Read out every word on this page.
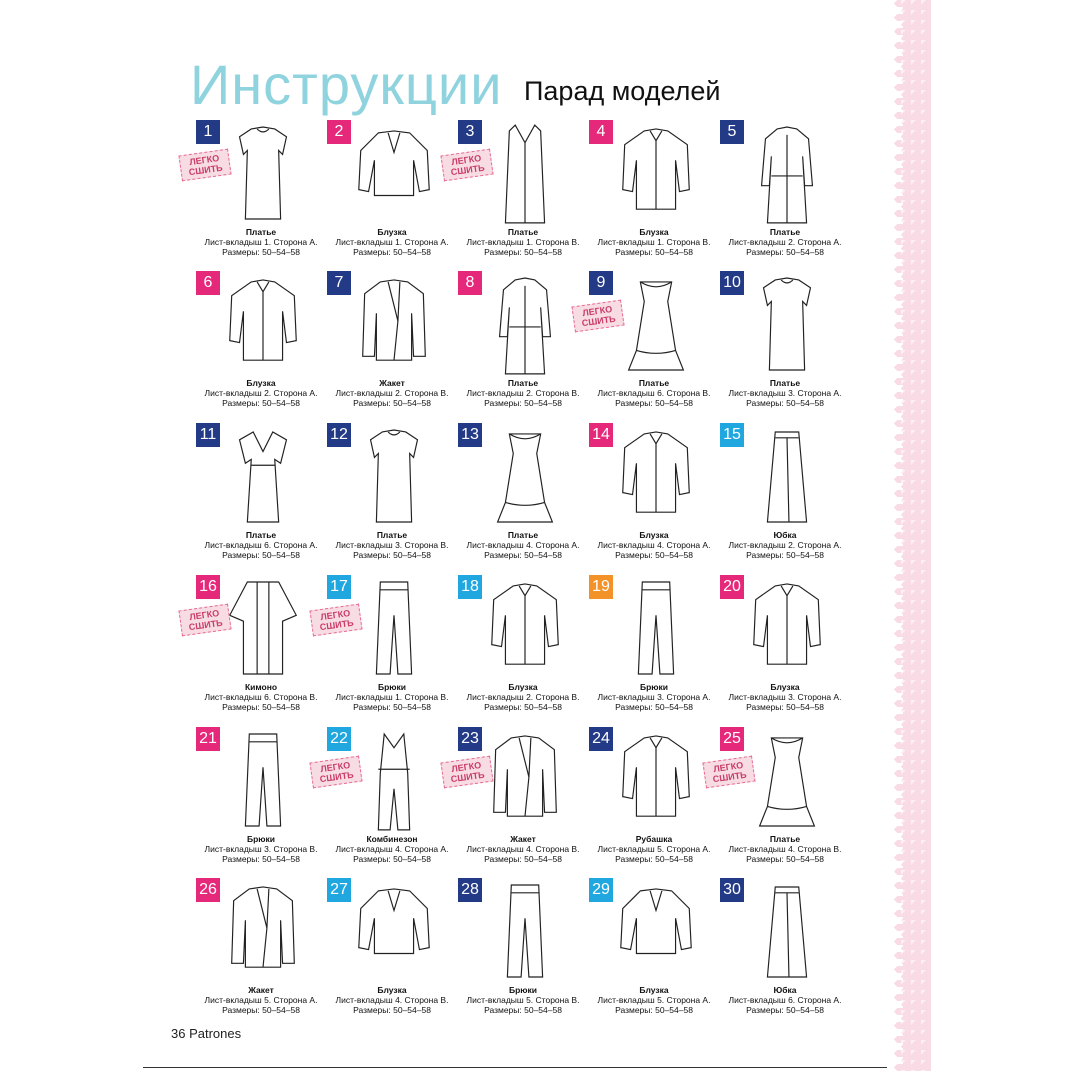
Инструкции Парад моделей
1
ЛЕГКО СШИТЬ
Платье
Лист-вкладыш 1. Сторона А.
Размеры: 50–54–58
2
Блузка
Лист-вкладыш 1. Сторона А.
Размеры: 50–54–58
3
ЛЕГКО СШИТЬ
Платье
Лист-вкладыш 1. Сторона В.
Размеры: 50–54–58
4
Блузка
Лист-вкладыш 1. Сторона В.
Размеры: 50–54–58
5
Платье
Лист-вкладыш 2. Сторона А.
Размеры: 50–54–58
6
Блузка
Лист-вкладыш 2. Сторона А.
Размеры: 50–54–58
7
Жакет
Лист-вкладыш 2. Сторона В.
Размеры: 50–54–58
8
Платье
Лист-вкладыш 2. Сторона В.
Размеры: 50–54–58
9
ЛЕГКО СШИТЬ
Платье
Лист-вкладыш 6. Сторона В.
Размеры: 50–54–58
10
Платье
Лист-вкладыш 3. Сторона А.
Размеры: 50–54–58
11
Платье
Лист-вкладыш 6. Сторона А.
Размеры: 50–54–58
12
Платье
Лист-вкладыш 3. Сторона В.
Размеры: 50–54–58
13
Платье
Лист-вкладыш 4. Сторона А.
Размеры: 50–54–58
14
Блузка
Лист-вкладыш 4. Сторона А.
Размеры: 50–54–58
15
Юбка
Лист-вкладыш 2. Сторона А.
Размеры: 50–54–58
16
ЛЕГКО СШИТЬ
Кимоно
Лист-вкладыш 6. Сторона В.
Размеры: 50–54–58
17
ЛЕГКО СШИТЬ
Брюки
Лист-вкладыш 1. Сторона В.
Размеры: 50–54–58
18
Блузка
Лист-вкладыш 2. Сторона В.
Размеры: 50–54–58
19
Брюки
Лист-вкладыш 3. Сторона А.
Размеры: 50–54–58
20
Блузка
Лист-вкладыш 3. Сторона А.
Размеры: 50–54–58
21
Брюки
Лист-вкладыш 3. Сторона В.
Размеры: 50–54–58
22
ЛЕГКО СШИТЬ
Комбинезон
Лист-вкладыш 4. Сторона А.
Размеры: 50–54–58
23
ЛЕГКО СШИТЬ
Жакет
Лист-вкладыш 4. Сторона В.
Размеры: 50–54–58
24
Рубашка
Лист-вкладыш 5. Сторона А.
Размеры: 50–54–58
25
ЛЕГКО СШИТЬ
Платье
Лист-вкладыш 4. Сторона В.
Размеры: 50–54–58
26
Жакет
Лист-вкладыш 5. Сторона А.
Размеры: 50–54–58
27
Блузка
Лист-вкладыш 4. Сторона В.
Размеры: 50–54–58
28
Брюки
Лист-вкладыш 5. Сторона В.
Размеры: 50–54–58
29
Блузка
Лист-вкладыш 5. Сторона А.
Размеры: 50–54–58
30
Юбка
Лист-вкладыш 6. Сторона А.
Размеры: 50–54–58
36 Patrones
